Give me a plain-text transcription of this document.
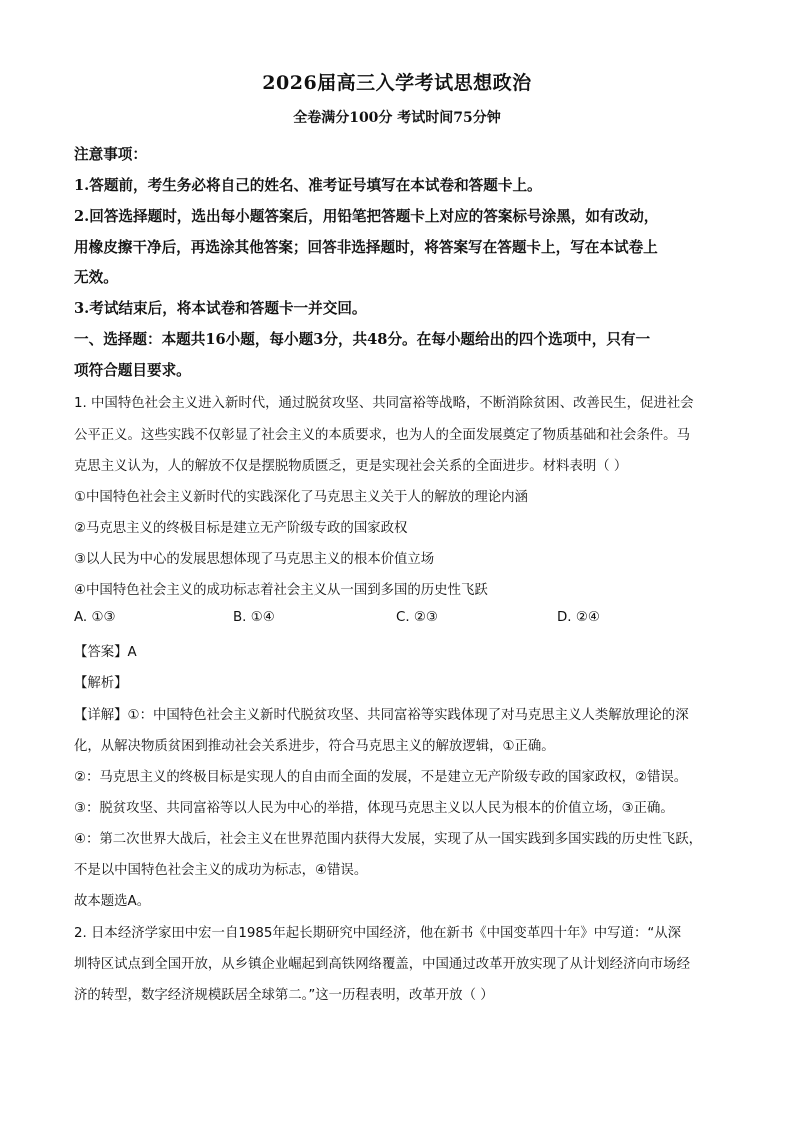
2026届高三入学考试思想政治
全卷满分100分 考试时间75分钟
注意事项：
1.答题前，考生务必将自己的姓名、准考证号填写在本试卷和答题卡上。
2.回答选择题时，选出每小题答案后，用铅笔把答题卡上对应的答案标号涂黑，如有改动，
用橡皮擦干净后，再选涂其他答案；回答非选择题时，将答案写在答题卡上，写在本试卷上
无效。
3.考试结束后，将本试卷和答题卡一并交回。
一、选择题：本题共16小题，每小题3分，共48分。在每小题给出的四个选项中，只有一
项符合题目要求。
1. 中国特色社会主义进入新时代，通过脱贫攻坚、共同富裕等战略，不断消除贫困、改善民生，促进社会
公平正义。这些实践不仅彰显了社会主义的本质要求，也为人的全面发展奠定了物质基础和社会条件。马
克思主义认为，人的解放不仅是摆脱物质匮乏，更是实现社会关系的全面进步。材料表明（ ）
①中国特色社会主义新时代的实践深化了马克思主义关于人的解放的理论内涵
②马克思主义的终极目标是建立无产阶级专政的国家政权
③以人民为中心的发展思想体现了马克思主义的根本价值立场
④中国特色社会主义的成功标志着社会主义从一国到多国的历史性飞跃
A. ①③	B. ①④	C. ②③	D. ②④
【答案】A
【解析】
【详解】①：中国特色社会主义新时代脱贫攻坚、共同富裕等实践体现了对马克思主义人类解放理论的深
化，从解决物质贫困到推动社会关系进步，符合马克思主义的解放逻辑，①正确。
②：马克思主义的终极目标是实现人的自由而全面的发展，不是建立无产阶级专政的国家政权，②错误。
③：脱贫攻坚、共同富裕等以人民为中心的举措，体现马克思主义以人民为根本的价值立场，③正确。
④：第二次世界大战后，社会主义在世界范围内获得大发展，实现了从一国实践到多国实践的历史性飞跃，
不是以中国特色社会主义的成功为标志，④错误。
故本题选A。
2. 日本经济学家田中宏一自1985年起长期研究中国经济，他在新书《中国变革四十年》中写道：“从深
圳特区试点到全国开放，从乡镇企业崛起到高铁网络覆盖，中国通过改革开放实现了从计划经济向市场经
济的转型，数字经济规模跃居全球第二。”这一历程表明，改革开放（ ）
